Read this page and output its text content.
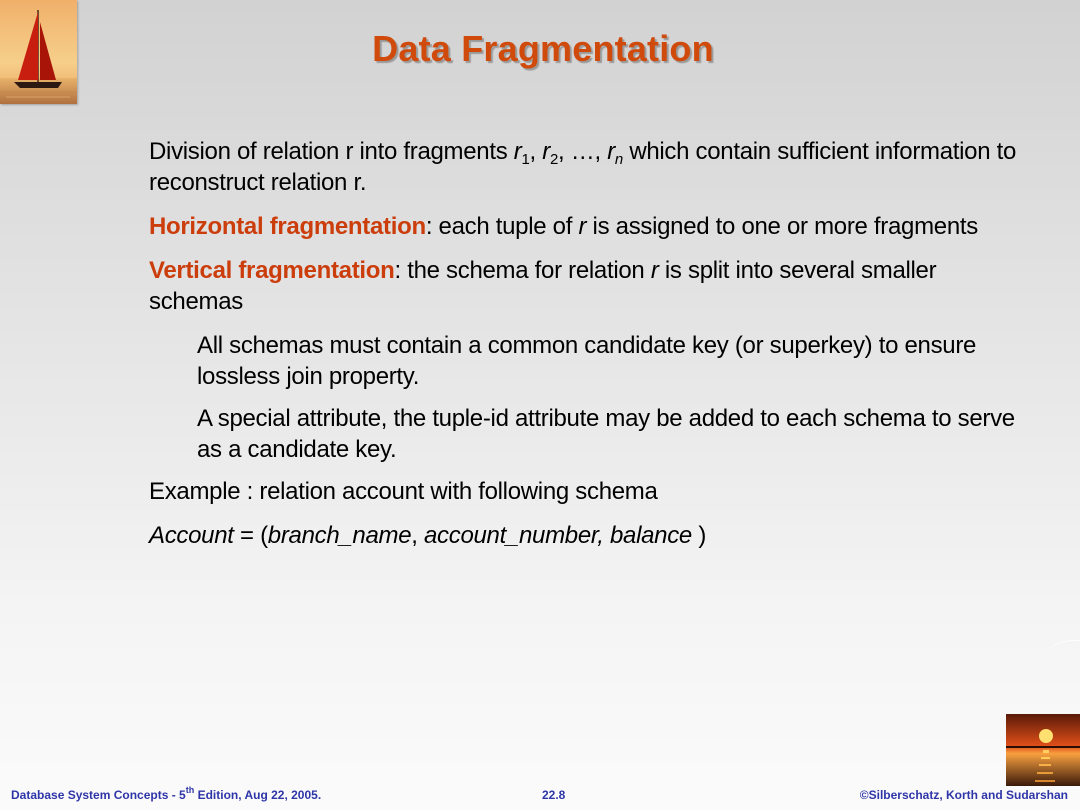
Data Fragmentation

Division of relation r into fragments $r_1$, $r_2$, …, $r_n$ which contain sufficient information to reconstruct relation r.

Horizontal fragmentation: each tuple of r is assigned to one or more fragments

Vertical fragmentation: the schema for relation r is split into several smaller schemas

All schemas must contain a common candidate key (or superkey) to ensure lossless join property.

A special attribute, the tuple-id attribute may be added to each schema to serve as a candidate key.

Example : relation account with following schema

Account = (branch_name, account_number, balance )

Database System Concepts - 5th Edition, Aug 22, 2005.	22.8	©Silberschatz, Korth and Sudarshan
